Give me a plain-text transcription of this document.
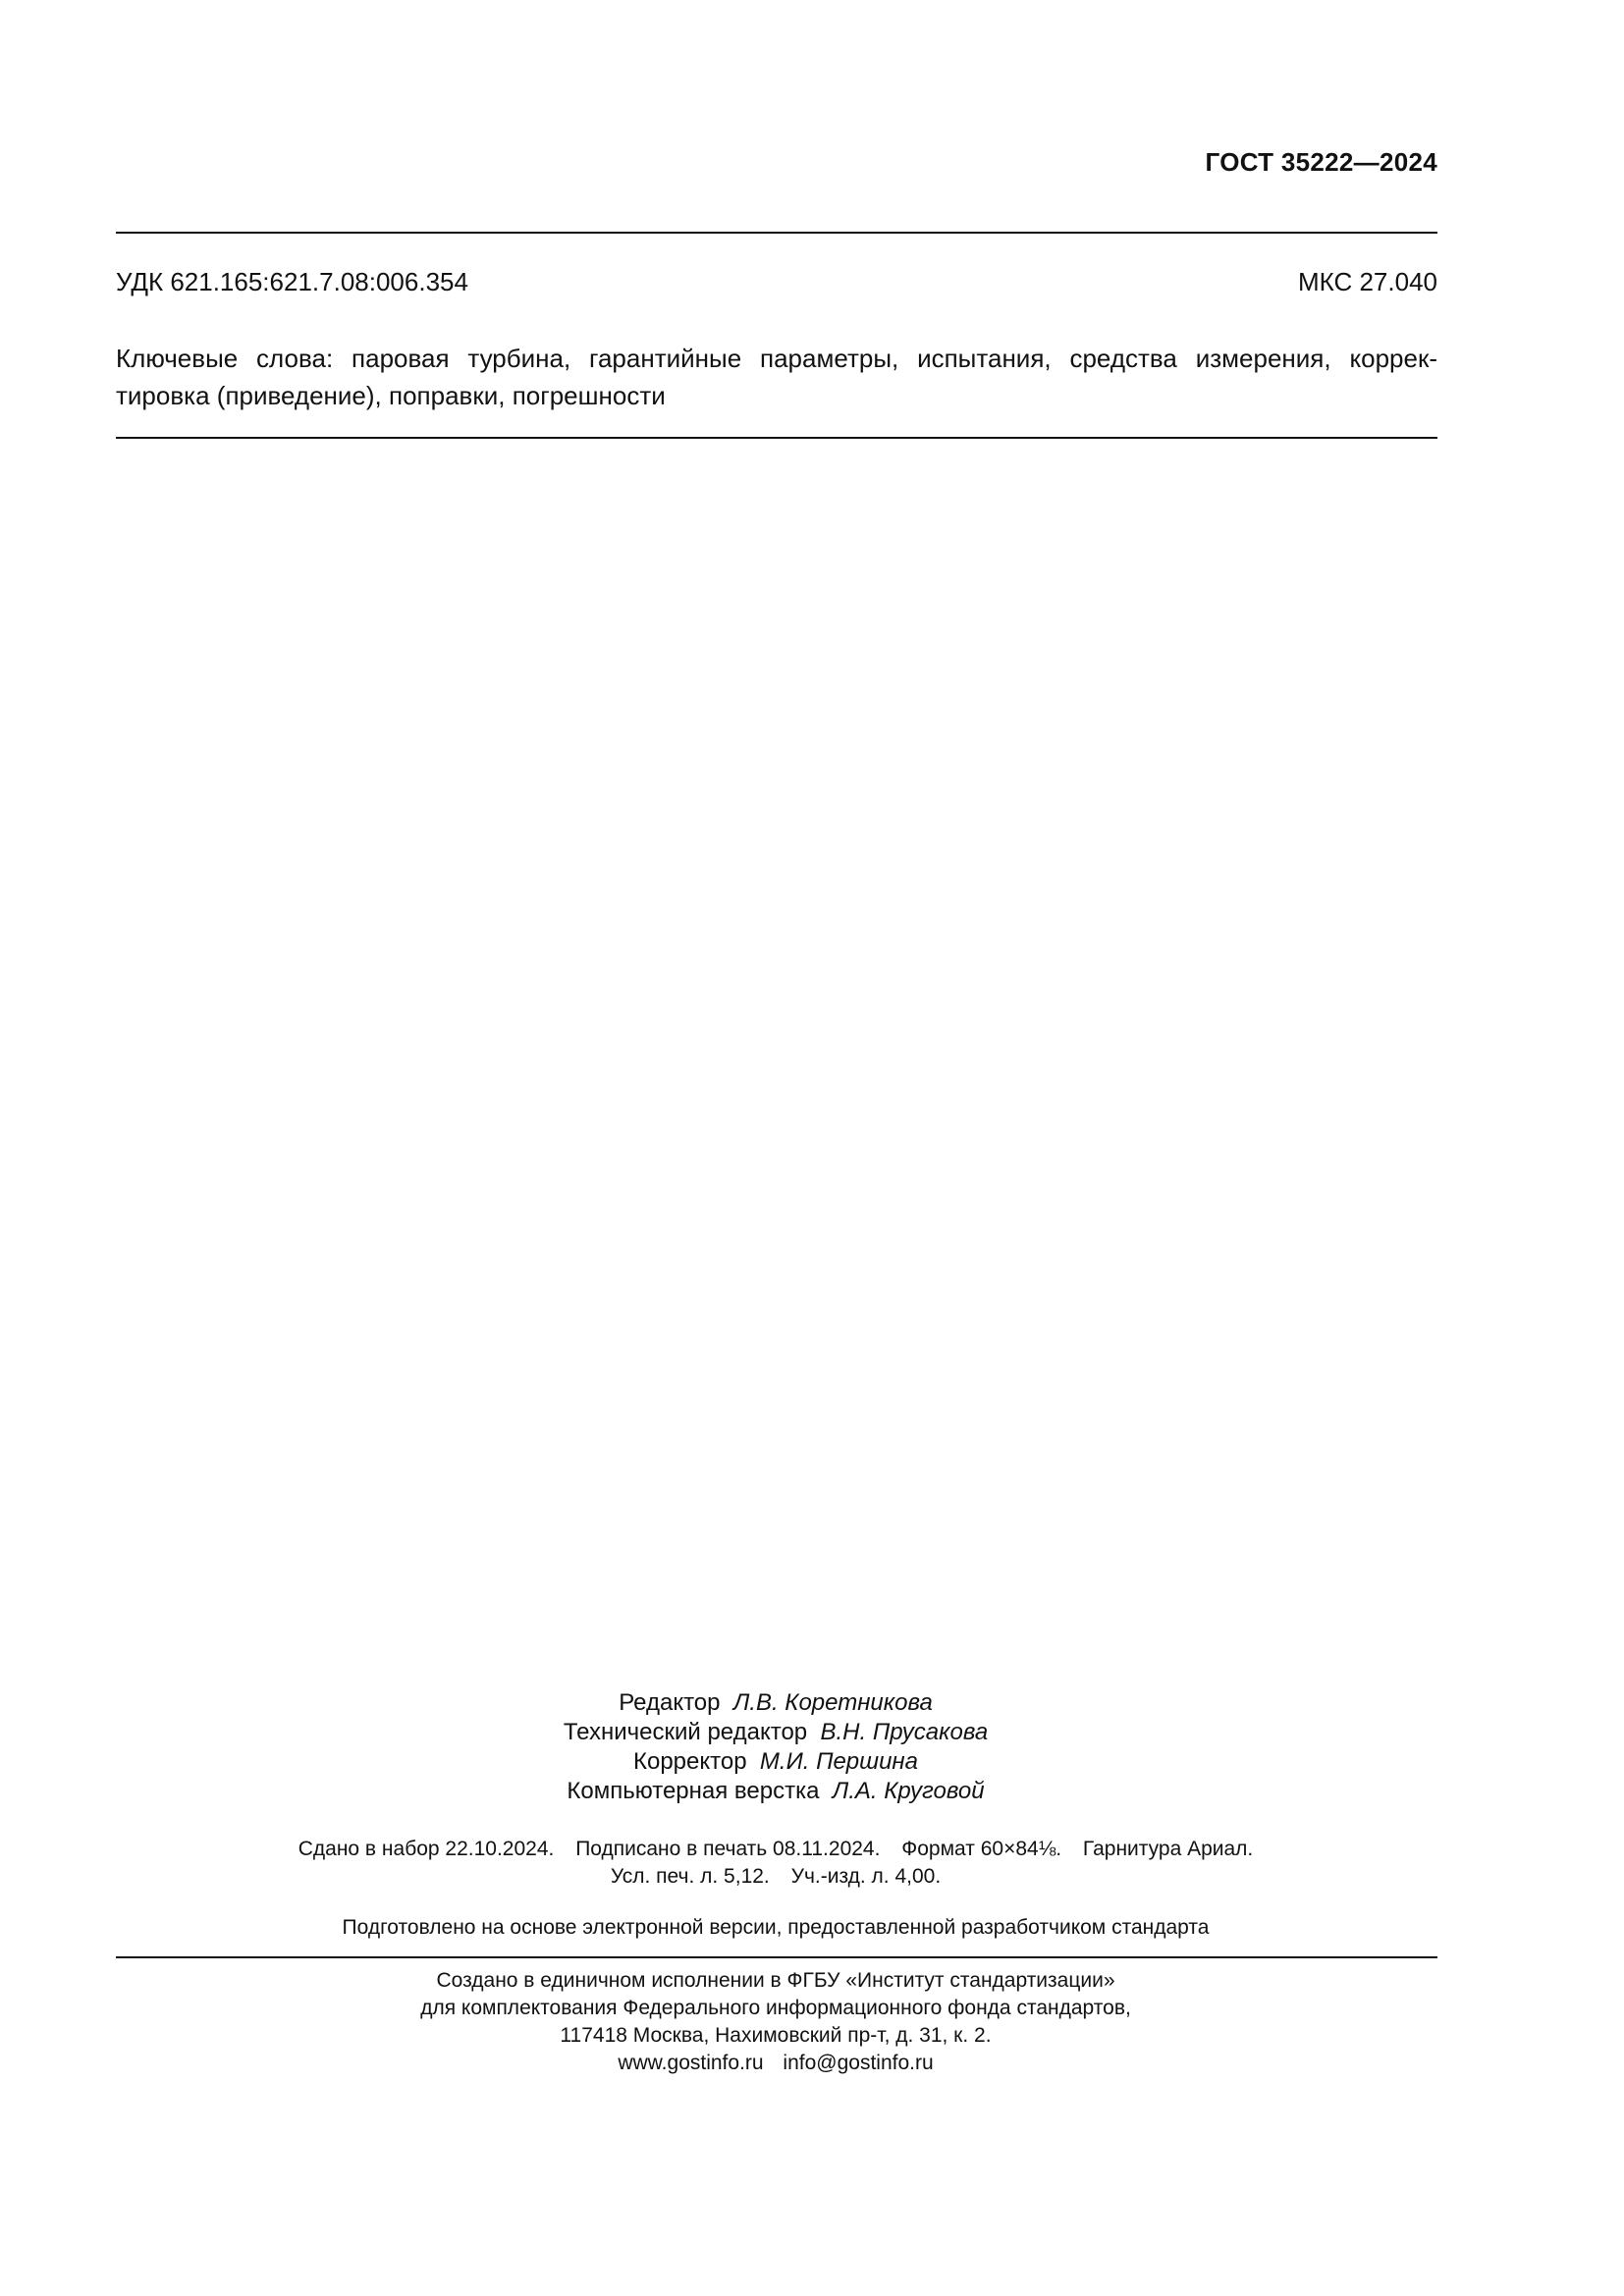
ГОСТ 35222—2024
УДК 621.165:621.7.08:006.354	МКС 27.040
Ключевые слова: паровая турбина, гарантийные параметры, испытания, средства измерения, коррек-
тировка (приведение), поправки, погрешности
Редактор Л.В. Коретникова
Технический редактор В.Н. Прусакова
Корректор М.И. Першина
Компьютерная верстка Л.А. Круговой
Сдано в набор 22.10.2024. Подписано в печать 08.11.2024. Формат 60×84⅛. Гарнитура Ариал.
Усл. печ. л. 5,12. Уч.-изд. л. 4,00.
Подготовлено на основе электронной версии, предоставленной разработчиком стандарта
Создано в единичном исполнении в ФГБУ «Институт стандартизации»
для комплектования Федерального информационного фонда стандартов,
117418 Москва, Нахимовский пр-т, д. 31, к. 2.
www.gostinfo.ru info@gostinfo.ru
